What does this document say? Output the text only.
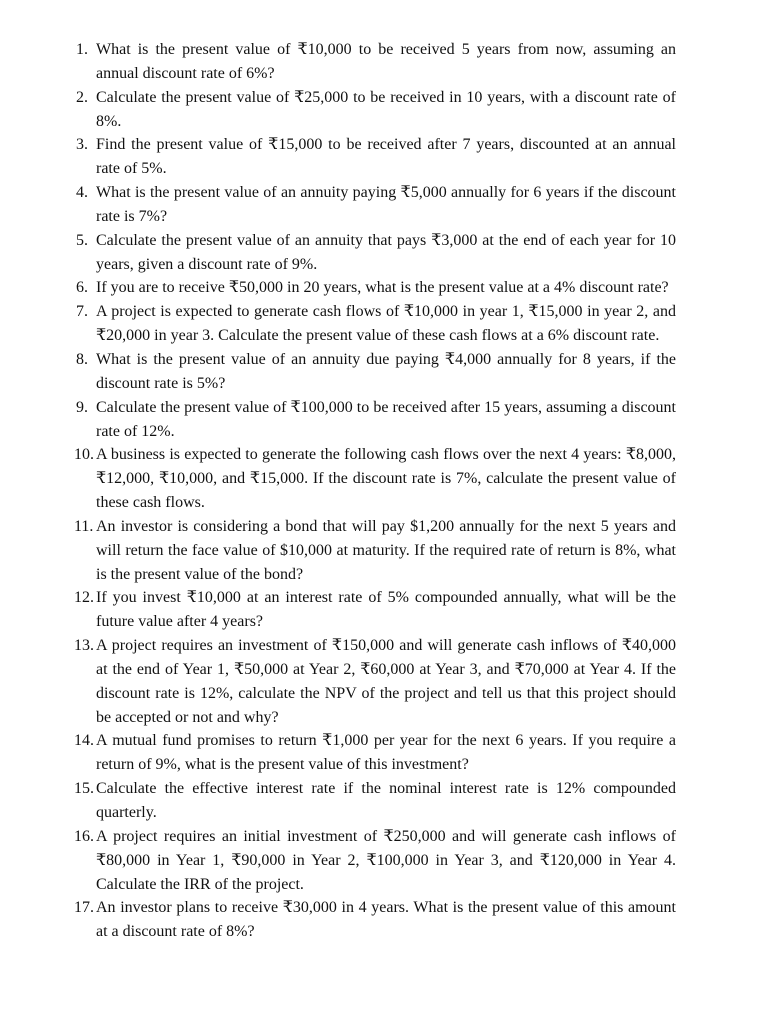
1. What is the present value of ₹10,000 to be received 5 years from now, assuming an annual discount rate of 6%?
2. Calculate the present value of ₹25,000 to be received in 10 years, with a discount rate of 8%.
3. Find the present value of ₹15,000 to be received after 7 years, discounted at an annual rate of 5%.
4. What is the present value of an annuity paying ₹5,000 annually for 6 years if the discount rate is 7%?
5. Calculate the present value of an annuity that pays ₹3,000 at the end of each year for 10 years, given a discount rate of 9%.
6. If you are to receive ₹50,000 in 20 years, what is the present value at a 4% discount rate?
7. A project is expected to generate cash flows of ₹10,000 in year 1, ₹15,000 in year 2, and ₹20,000 in year 3. Calculate the present value of these cash flows at a 6% discount rate.
8. What is the present value of an annuity due paying ₹4,000 annually for 8 years, if the discount rate is 5%?
9. Calculate the present value of ₹100,000 to be received after 15 years, assuming a discount rate of 12%.
10. A business is expected to generate the following cash flows over the next 4 years: ₹8,000, ₹12,000, ₹10,000, and ₹15,000. If the discount rate is 7%, calculate the present value of these cash flows.
11. An investor is considering a bond that will pay $1,200 annually for the next 5 years and will return the face value of $10,000 at maturity. If the required rate of return is 8%, what is the present value of the bond?
12. If you invest ₹10,000 at an interest rate of 5% compounded annually, what will be the future value after 4 years?
13. A project requires an investment of ₹150,000 and will generate cash inflows of ₹40,000 at the end of Year 1, ₹50,000 at Year 2, ₹60,000 at Year 3, and ₹70,000 at Year 4. If the discount rate is 12%, calculate the NPV of the project and tell us that this project should be accepted or not and why?
14. A mutual fund promises to return ₹1,000 per year for the next 6 years. If you require a return of 9%, what is the present value of this investment?
15. Calculate the effective interest rate if the nominal interest rate is 12% compounded quarterly.
16. A project requires an initial investment of ₹250,000 and will generate cash inflows of ₹80,000 in Year 1, ₹90,000 in Year 2, ₹100,000 in Year 3, and ₹120,000 in Year 4. Calculate the IRR of the project.
17. An investor plans to receive ₹30,000 in 4 years. What is the present value of this amount at a discount rate of 8%?
